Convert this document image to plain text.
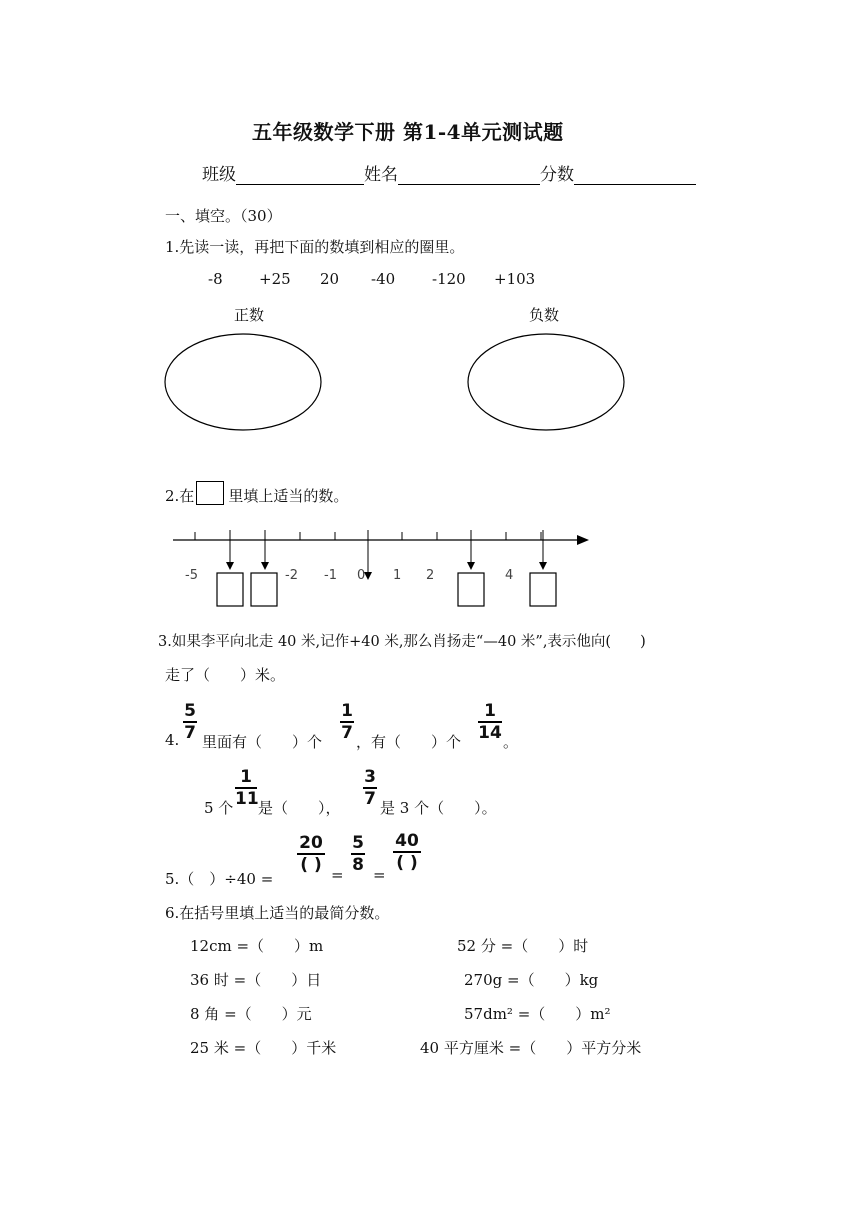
五年级数学下册 第1-4单元测试题
班级	姓名	分数
一、填空。（30）
1.先读一读，再把下面的数填到相应的圈里。
-8 +25 20 -40 -120 +103
正数	负数
2.在 里填上适当的数。
-5	-2 -1 0 1 2	4
3.如果李平向北走 40 米,记作+40 米,那么肖扬走“—40 米”,表示他向(　　)
走了（　　）米。
4.
5
7 里面有（　　）个
1
7 ，有（　　）个
1
14 。
5 个
1
11 是（　　），
3
7 是 3 个（　　）。
5.（　）÷40 =
20
( ) =
5
8 =
40
( )
6.在括号里填上适当的最简分数。
12cm =（　　）m	52 分 =（　　）时
36 时 =（　　）日	270g =（　　）kg
8 角 =（　　）元	57dm² =（　　）m²
25 米 =（　　）千米	40 平方厘米 =（　　）平方分米
